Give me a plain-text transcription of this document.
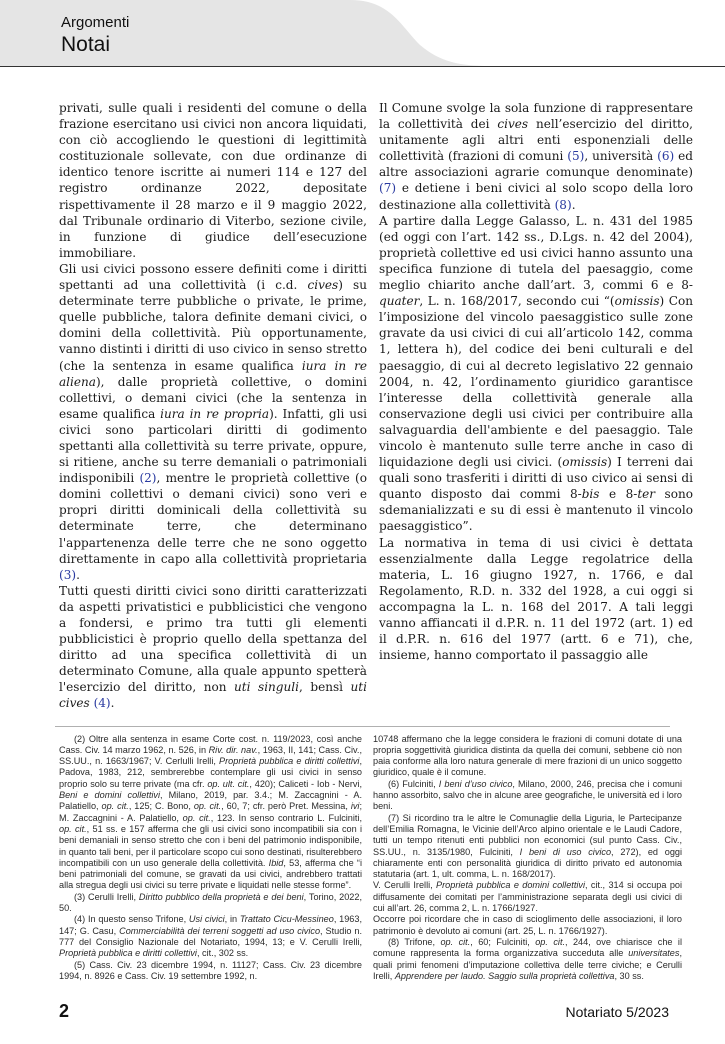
Argomenti
Notai

privati, sulle quali i residenti del comune o della frazione esercitano usi civici non ancora liquidati, con ciò accogliendo le questioni di legittimità costituzionale sollevate, con due ordinanze di identico tenore iscritte ai numeri 114 e 127 del registro ordinanze 2022, depositate rispettivamente il 28 marzo e il 9 maggio 2022, dal Tribunale ordinario di Viterbo, sezione civile, in funzione di giudice dell’esecuzione immobiliare.

Gli usi civici possono essere definiti come i diritti spettanti ad una collettività (i c.d. cives) su determinate terre pubbliche o private, le prime, quelle pubbliche, talora definite demani civici, o domini della collettività. Più opportunamente, vanno distinti i diritti di uso civico in senso stretto (che la sentenza in esame qualifica iura in re aliena), dalle proprietà collettive, o domini collettivi, o demani civici (che la sentenza in esame qualifica iura in re propria). Infatti, gli usi civici sono particolari diritti di godimento spettanti alla collettività su terre private, oppure, si ritiene, anche su terre demaniali o patrimoniali indisponibili (2), mentre le proprietà collettive (o domini collettivi o demani civici) sono veri e propri diritti dominicali della collettività su determinate terre, che determinano l'appartenenza delle terre che ne sono oggetto direttamente in capo alla collettività proprietaria (3).

Tutti questi diritti civici sono diritti caratterizzati da aspetti privatistici e pubblicistici che vengono a fondersi, e primo tra tutti gli elementi pubblicistici è proprio quello della spettanza del diritto ad una specifica collettività di un determinato Comune, alla quale appunto spetterà l'esercizio del diritto, non uti singuli, bensì uti cives (4).

Il Comune svolge la sola funzione di rappresentare la collettività dei cives nell’esercizio del diritto, unitamente agli altri enti esponenziali delle collettività (frazioni di comuni (5), università (6) ed altre associazioni agrarie comunque denominate) (7) e detiene i beni civici al solo scopo della loro destinazione alla collettività (8).

A partire dalla Legge Galasso, L. n. 431 del 1985 (ed oggi con l’art. 142 ss., D.Lgs. n. 42 del 2004), proprietà collettive ed usi civici hanno assunto una specifica funzione di tutela del paesaggio, come meglio chiarito anche dall’art. 3, commi 6 e 8-quater, L. n. 168/2017, secondo cui “(omissis) Con l’imposizione del vincolo paesaggistico sulle zone gravate da usi civici di cui all’articolo 142, comma 1, lettera h), del codice dei beni culturali e del paesaggio, di cui al decreto legislativo 22 gennaio 2004, n. 42, l’ordinamento giuridico garantisce l’interesse della collettività generale alla conservazione degli usi civici per contribuire alla salvaguardia dell'ambiente e del paesaggio. Tale vincolo è mantenuto sulle terre anche in caso di liquidazione degli usi civici. (omissis) I terreni dai quali sono trasferiti i diritti di uso civico ai sensi di quanto disposto dai commi 8-bis e 8-ter sono sdemanializzati e su di essi è mantenuto il vincolo paesaggistico”.

La normativa in tema di usi civici è dettata essenzialmente dalla Legge regolatrice della materia, L. 16 giugno 1927, n. 1766, e dal Regolamento, R.D. n. 332 del 1928, a cui oggi si accompagna la L. n. 168 del 2017. A tali leggi vanno affiancati il d.P.R. n. 11 del 1972 (art. 1) ed il d.P.R. n. 616 del 1977 (artt. 6 e 71), che, insieme, hanno comportato il passaggio alle

(2) Oltre alla sentenza in esame Corte cost. n. 119/2023, così anche Cass. Civ. 14 marzo 1962, n. 526, in Riv. dir. nav., 1963, II, 141; Cass. Civ., SS.UU., n. 1663/1967; V. Cerlulli Irelli, Proprietà pubblica e diritti collettivi, Padova, 1983, 212, sembrerebbe contemplare gli usi civici in senso proprio solo su terre private (ma cfr. op. ult. cit., 420); Caliceti - Iob - Nervi, Beni e domini collettivi, Milano, 2019, par. 3.4.; M. Zaccagnini - A. Palatiello, op. cit., 125; C. Bono, op. cit., 60, 7; cfr. però Pret. Messina, ivi; M. Zaccagnini - A. Palatiello, op. cit., 123. In senso contrario L. Fulciniti, op. cit., 51 ss. e 157 afferma che gli usi civici sono incompatibili sia con i beni demaniali in senso stretto che con i beni del patrimonio indisponibile, in quanto tali beni, per il particolare scopo cui sono destinati, risulterebbero incompatibili con un uso generale della collettività. Ibid, 53, afferma che “i beni patrimoniali del comune, se gravati da usi civici, andrebbero trattati alla stregua degli usi civici su terre private e liquidati nelle stesse forme”.

(3) Cerulli Irelli, Diritto pubblico della proprietà e dei beni, Torino, 2022, 50.

(4) In questo senso Trifone, Usi civici, in Trattato Cicu-Messineo, 1963, 147; G. Casu, Commerciabilità dei terreni soggetti ad uso civico, Studio n. 777 del Consiglio Nazionale del Notariato, 1994, 13; e V. Cerulli Irelli, Proprietà pubblica e diritti collettivi, cit., 302 ss.

(5) Cass. Civ. 23 dicembre 1994, n. 11127; Cass. Civ. 23 dicembre 1994, n. 8926 e Cass. Civ. 19 settembre 1992, n.

10748 affermano che la legge considera le frazioni di comuni dotate di una propria soggettività giuridica distinta da quella dei comuni, sebbene ciò non paia conforme alla loro natura generale di mere frazioni di un unico soggetto giuridico, quale è il comune.

(6) Fulciniti, I beni d’uso civico, Milano, 2000, 246, precisa che i comuni hanno assorbito, salvo che in alcune aree geografiche, le università ed i loro beni.

(7) Si ricordino tra le altre le Comunaglie della Liguria, le Partecipanze dell’Emilia Romagna, le Vicinie dell’Arco alpino orientale e le Laudi Cadore, tutti un tempo ritenuti enti pubblici non economici (sul punto Cass. Civ., SS.UU., n. 3135/1980, Fulciniti, I beni di uso civico, 272), ed oggi chiaramente enti con personalità giuridica di diritto privato ed autonomia statutaria (art. 1, ult. comma, L. n. 168/2017).

V. Cerulli Irelli, Proprietà pubblica e domini collettivi, cit., 314 si occupa poi diffusamente dei comitati per l’amministrazione separata degli usi civici di cui all’art. 26, comma 2, L. n. 1766/1927.

Occorre poi ricordare che in caso di scioglimento delle associazioni, il loro patrimonio è devoluto ai comuni (art. 25, L. n. 1766/1927).

(8) Trifone, op. cit., 60; Fulciniti, op. cit., 244, ove chiarisce che il comune rappresenta la forma organizzativa succeduta alle universitates, quali primi fenomeni d’imputazione collettiva delle terre civiche; e Cerulli Irelli, Apprendere per laudo. Saggio sulla proprietà collettiva, 30 ss.

2	Notariato 5/2023
